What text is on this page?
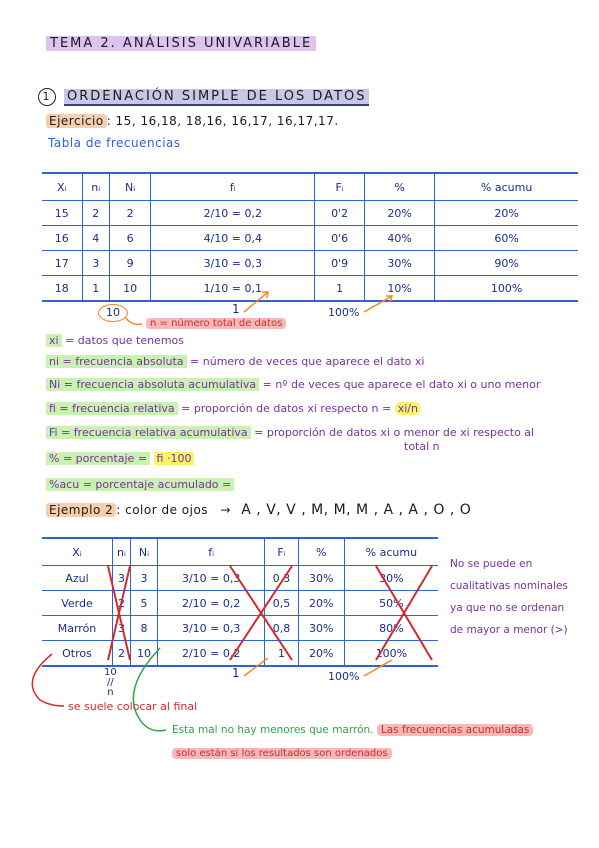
TEMA 2. ANÁLISIS UNIVARIABLE
1 ORDENACIÓN SIMPLE DE LOS DATOS
Ejercicio : 15, 16,18, 18,16, 16,17, 16,17,17.
Tabla de frecuencias
Xᵢ	nᵢ	Nᵢ	fᵢ	Fᵢ	%	% acumu
15	2	2	2/10 = 0,2	0'2	20%	20%
16	4	6	4/10 = 0,4	0'6	40%	60%
17	3	9	3/10 = 0,3	0'9	30%	90%
18	1	10	1/10 = 0,1	1	10%	100%
10
n = número total de datos
1	100%
xi = datos que tenemos
ni = frecuencia absoluta = número de veces que aparece el dato xi
Ni = frecuencia absoluta acumulativa = nº de veces que aparece el dato xi o uno menor
fi = frecuencia relativa = proporción de datos xi respecto n = xi/n
Fi = frecuencia relativa acumulativa = proporción de datos xi o menor de xi respecto al
total n
% = porcentaje = fi ·100
%acu = porcentaje acumulado =
Ejemplo 2 : color de ojos → A , V, V , M, M, M , A , A , O , O
Xᵢ	nᵢ	Nᵢ	fᵢ	Fᵢ	%	% acumu
Azul	3	3	3/10 = 0,3	0,3	30%	30%
Verde	2	5	2/10 = 0,2	0,5	20%	50%
Marrón	3	8	3/10 = 0,3	0,8	30%	80%
Otros	2	10	2/10 = 0,2	1	20%	100%
No se puede en
cualitativas nominales
ya que no se ordenan
de mayor a menor (>)
10
//
n
1	100%
se suele colocar al final
Esta mal no hay menores que marrón. Las frecuencias acumuladas
solo están si los resultados son ordenados
